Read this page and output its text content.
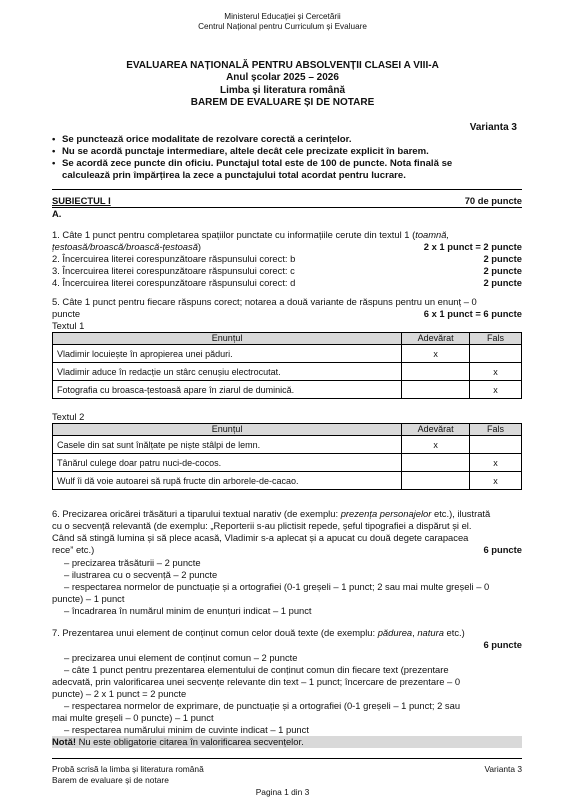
Ministerul Educației și Cercetării
Centrul Național pentru Curriculum și Evaluare
EVALUAREA NAȚIONALĂ PENTRU ABSOLVENȚII CLASEI A VIII-A
Anul școlar 2025 – 2026
Limba și literatura română
BAREM DE EVALUARE ȘI DE NOTARE
Varianta 3
• Se punctează orice modalitate de rezolvare corectă a cerințelor.
• Nu se acordă punctaje intermediare, altele decât cele precizate explicit în barem.
• Se acordă zece puncte din oficiu. Punctajul total este de 100 de puncte. Nota finală se
calculează prin împărțirea la zece a punctajului total acordat pentru lucrare.
SUBIECTUL I	70 de puncte
A.
1. Câte 1 punct pentru completarea spațiilor punctate cu informațiile cerute din textul 1 (toamnă,
țestoasă/broască/broască-țestoasă)	2 x 1 punct = 2 puncte
2. Încercuirea literei corespunzătoare răspunsului corect: b	2 puncte
3. Încercuirea literei corespunzătoare răspunsului corect: c	2 puncte
4. Încercuirea literei corespunzătoare răspunsului corect: d	2 puncte
5. Câte 1 punct pentru fiecare răspuns corect; notarea a două variante de răspuns pentru un enunț – 0
puncte	6 x 1 punct = 6 puncte
Textul 1
Enunțul	Adevărat	Fals
Vladimir locuiește în apropierea unei păduri.	x	
Vladimir aduce în redacție un stârc cenușiu electrocutat.		x
Fotografia cu broasca-țestoasă apare în ziarul de duminică.		x
Textul 2
Enunțul	Adevărat	Fals
Casele din sat sunt înălțate pe niște stâlpi de lemn.	x	
Tânărul culege doar patru nuci-de-cocos.		x
Wulf îi dă voie autoarei să rupă fructe din arborele-de-cacao.		x
6. Precizarea oricărei trăsături a tiparului textual narativ (de exemplu: prezența personajelor etc.), ilustrată
cu o secvență relevantă (de exemplu: „Reporterii s-au plictisit repede, șeful tipografiei a dispărut și el.
Când să stingă lumina și să plece acasă, Vladimir s-a aplecat și a apucat cu două degete carapacea
rece” etc.)	6 puncte
– precizarea trăsăturii – 2 puncte
– ilustrarea cu o secvență – 2 puncte
– respectarea normelor de punctuație și a ortografiei (0-1 greșeli – 1 punct; 2 sau mai multe greșeli – 0
puncte) – 1 punct
– încadrarea în numărul minim de enunțuri indicat – 1 punct
7. Prezentarea unui element de conținut comun celor două texte (de exemplu: pădurea, natura etc.)
6 puncte
– precizarea unui element de conținut comun – 2 puncte
– câte 1 punct pentru prezentarea elementului de conținut comun din fiecare text (prezentare
adecvată, prin valorificarea unei secvențe relevante din text – 1 punct; încercare de prezentare – 0
puncte) – 2 x 1 punct = 2 puncte
– respectarea normelor de exprimare, de punctuație și a ortografiei (0-1 greșeli – 1 punct; 2 sau
mai multe greșeli – 0 puncte) – 1 punct
– respectarea numărului minim de cuvinte indicat – 1 punct
Notă! Nu este obligatorie citarea în valorificarea secvențelor.
Probă scrisă la limba și literatura română
Barem de evaluare și de notare
Varianta 3
Pagina 1 din 3
